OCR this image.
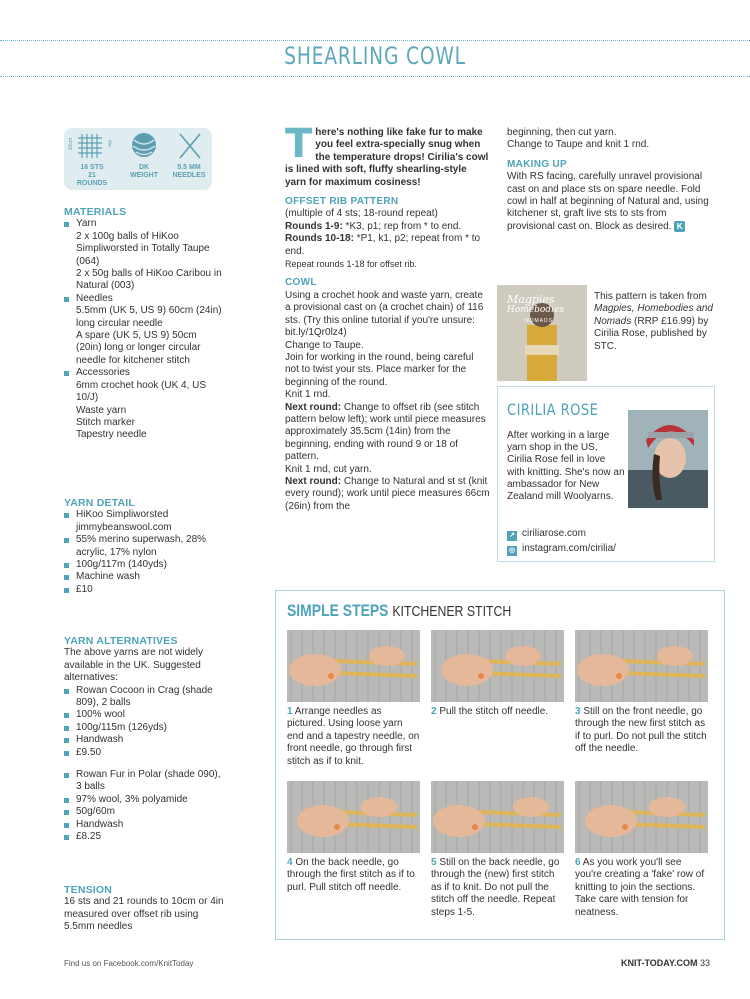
SHEARLING COWL
10cm	4in
16 STS
21 ROUNDS
DK
WEIGHT
5.5 MM
NEEDLES
MATERIALS
Yarn
2 x 100g balls of HiKoo Simpliworsted in Totally Taupe (064)
2 x 50g balls of HiKoo Caribou in Natural (003)
Needles
5.5mm (UK 5, US 9) 60cm (24in) long circular needle
A spare (UK 5, US 9) 50cm (20in) long or longer circular needle for kitchener stitch
Accessories
6mm crochet hook (UK 4, US 10/J)
Waste yarn
Stitch marker
Tapestry needle
YARN DETAIL
HiKoo Simpliworsted
jimmybeanswool.com
55% merino superwash, 28% acrylic, 17% nylon
100g/117m (140yds)
Machine wash
£10
YARN ALTERNATIVES
The above yarns are not widely available in the UK. Suggested alternatives:
Rowan Cocoon in Crag (shade 809), 2 balls
100% wool
100g/115m (126yds)
Handwash
£9.50
Rowan Fur in Polar (shade 090), 3 balls
97% wool, 3% polyamide
50g/60m
Handwash
£8.25
TENSION
16 sts and 21 rounds to 10cm or 4in measured over offset rib using 5.5mm needles
T here's nothing like fake fur to make you feel extra-specially snug when the temperature drops! Cirilia's cowl is lined with soft, fluffy shearling-style yarn for maximum cosiness!
OFFSET RIB PATTERN
(multiple of 4 sts; 18-round repeat)
Rounds 1-9: *K3, p1; rep from * to end.
Rounds 10-18: *P1, k1, p2; repeat from * to end.
Repeat rounds 1-18 for offset rib.
COWL
Using a crochet hook and waste yarn, create a provisional cast on (a crochet chain) of 116 sts. (Try this online tutorial if you're unsure: bit.ly/1Qr0lz4)
Change to Taupe.
Join for working in the round, being careful not to twist your sts. Place marker for the beginning of the round.
Knit 1 rnd.
Next round: Change to offset rib (see stitch pattern below left); work until piece measures approximately 35.5cm (14in) from the beginning, ending with round 9 or 18 of pattern.
Knit 1 rnd, cut yarn.
Next round: Change to Natural and st st (knit every round); work until piece measures 66cm (26in) from the
beginning, then cut yarn.
Change to Taupe and knit 1 rnd.
MAKING UP
With RS facing, carefully unravel provisional cast on and place sts on spare needle. Fold cowl in half at beginning of Natural and, using kitchener st, graft live sts to sts from provisional cast on. Block as desired. K
Magpies
Homebodies
NOMADS
This pattern is taken from Magpies, Homebodies and Nomads (RRP £16.99) by Cirilia Rose, published by STC.
CIRILIA ROSE
After working in a large yarn shop in the US, Cirilia Rose fell in love with knitting. She's now an ambassador for New Zealand mill Woolyarns.
↗ ciriliarose.com
◎ instagram.com/cirilia/
SIMPLE STEPS KITCHENER STITCH
1 Arrange needles as pictured. Using loose yarn end and a tapestry needle, on front needle, go through first stitch as if to knit.
2 Pull the stitch off needle.	3 Still on the front needle, go through the new first stitch as if to purl. Do not pull the stitch off the needle.
4 On the back needle, go through the first stitch as if to purl. Pull stitch off needle.
5 Still on the back needle, go through the (new) first stitch as if to knit. Do not pull the stitch off the needle. Repeat steps 1-5.
6 As you work you'll see you're creating a 'fake' row of knitting to join the sections. Take care with tension for neatness.
Find us on Facebook.com/KnitToday	KNIT-TODAY.COM 33
